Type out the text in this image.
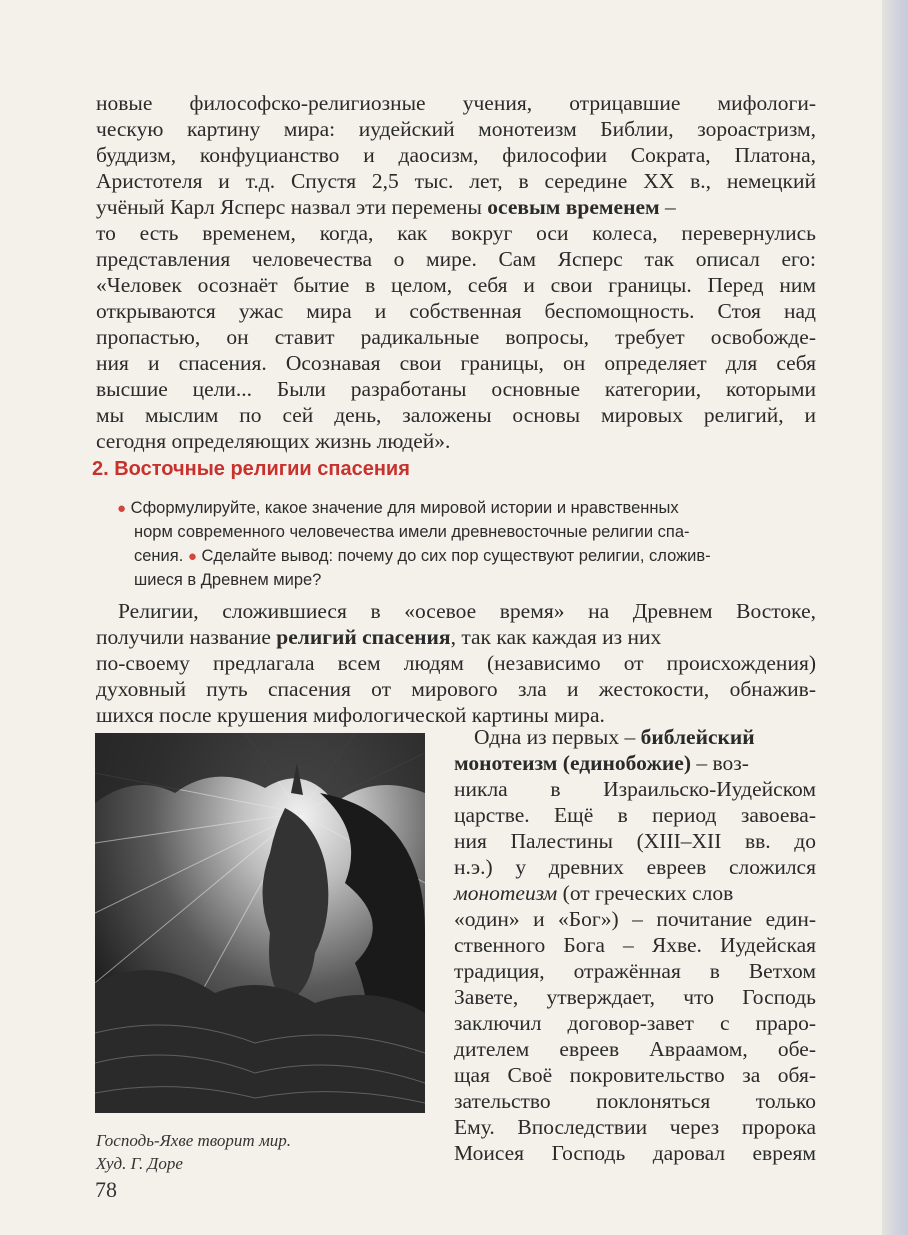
новые философско-религиозные учения, отрицавшие мифологи-
ческую картину мира: иудейский монотеизм Библии, зороастризм,
буддизм, конфуцианство и даосизм, философии Сократа, Платона,
Аристотеля и т.д. Спустя 2,5 тыс. лет, в середине XX в., немецкий
учёный Карл Ясперс назвал эти перемены осевым временем –
то есть временем, когда, как вокруг оси колеса, перевернулись
представления человечества о мире. Сам Ясперс так описал его:
«Человек осознаёт бытие в целом, себя и свои границы. Перед ним
открываются ужас мира и собственная беспомощность. Стоя над
пропастью, он ставит радикальные вопросы, требует освобожде-
ния и спасения. Осознавая свои границы, он определяет для себя
высшие цели... Были разработаны основные категории, которыми
мы мыслим по сей день, заложены основы мировых религий, и
сегодня определяющих жизнь людей».
2. Восточные религии спасения
● Сформулируйте, какое значение для мировой истории и нравственных
норм современного человечества имели древневосточные религии спа-
сения. ● Сделайте вывод: почему до сих пор существуют религии, сложив-
шиеся в Древнем мире?
Религии, сложившиеся в «осевое время» на Древнем Востоке,
получили название религий спасения, так как каждая из них
по-своему предлагала всем людям (независимо от происхождения)
духовный путь спасения от мирового зла и жестокости, обнажив-
шихся после крушения мифологической картины мира.
Господь-Яхве творит мир.
Худ. Г. Доре
Одна из первых – библейский
монотеизм (единобожие) – воз-
никла в Израильско-Иудейском
царстве. Ещё в период завоева-
ния Палестины (XIII–XII вв. до
н.э.) у древних евреев сложился
монотеизм (от греческих слов
«один» и «Бог») – почитание един-
ственного Бога – Яхве. Иудейская
традиция, отражённая в Ветхом
Завете, утверждает, что Господь
заключил договор-завет с праро-
дителем евреев Авраамом, обе-
щая Своё покровительство за обя-
зательство поклоняться только
Ему. Впоследствии через пророка
Моисея Господь даровал евреям
78
